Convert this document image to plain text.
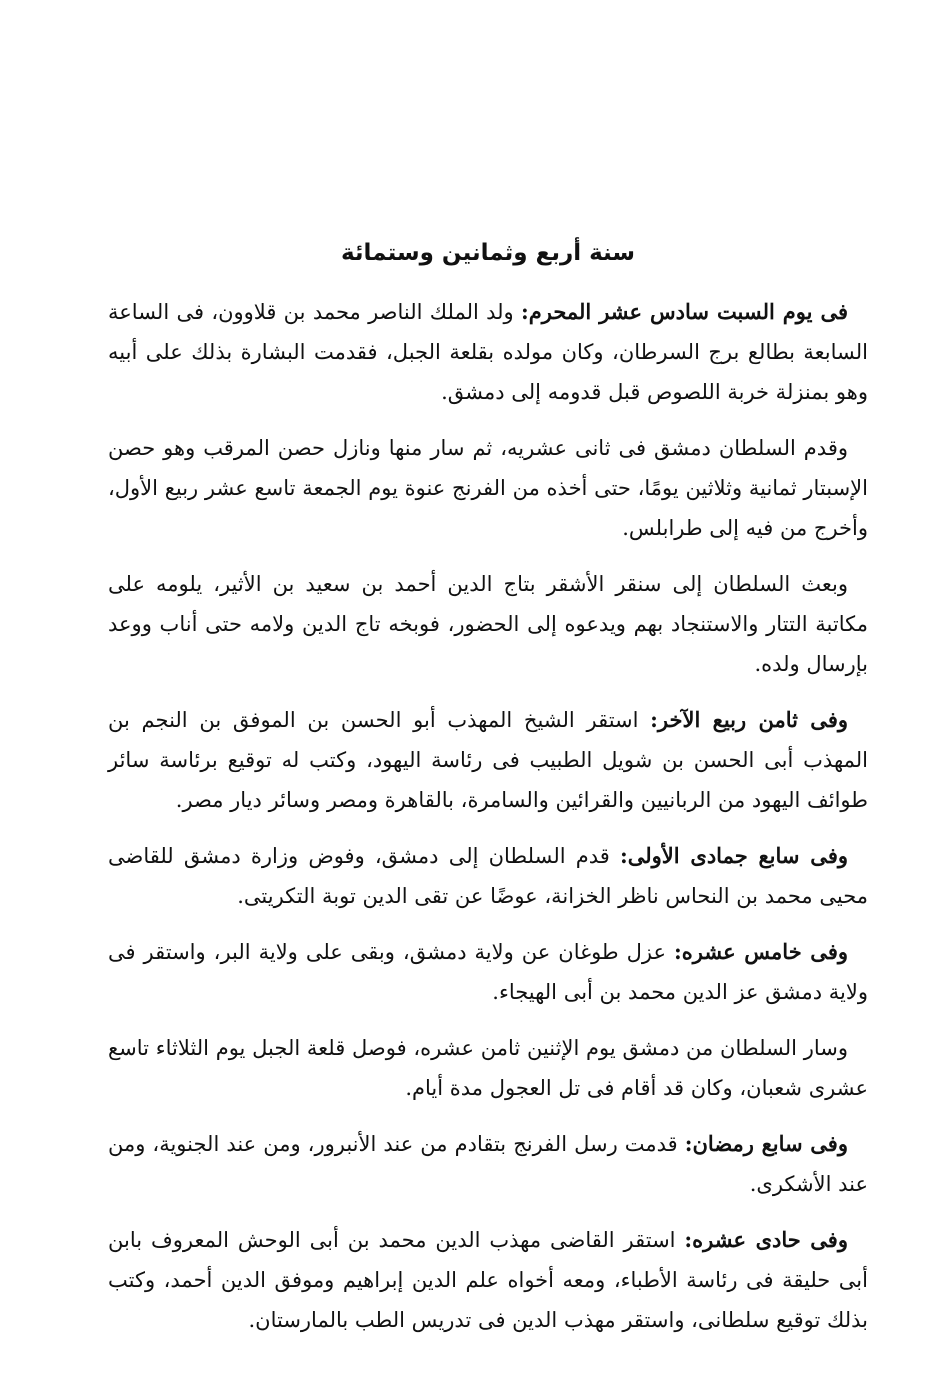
سنة أربع وثمانين وستمائة

فى يوم السبت سادس عشر المحرم: ولد الملك الناصر محمد بن قلاوون، فى الساعة السابعة بطالع برج السرطان، وكان مولده بقلعة الجبل، فقدمت البشارة بذلك على أبيه وهو بمنزلة خربة اللصوص قبل قدومه إلى دمشق.

وقدم السلطان دمشق فى ثانى عشريه، ثم سار منها ونازل حصن المرقب وهو حصن الإسبتار ثمانية وثلاثين يومًا، حتى أخذه من الفرنج عنوة يوم الجمعة تاسع عشر ربيع الأول، وأخرج من فيه إلى طرابلس.

وبعث السلطان إلى سنقر الأشقر بتاج الدين أحمد بن سعيد بن الأثير، يلومه على مكاتبة التتار والاستنجاد بهم ويدعوه إلى الحضور، فوبخه تاج الدين ولامه حتى أناب ووعد بإرسال ولده.

وفى ثامن ربيع الآخر: استقر الشيخ المهذب أبو الحسن بن الموفق بن النجم بن المهذب أبى الحسن بن شويل الطبيب فى رئاسة اليهود، وكتب له توقيع برئاسة سائر طوائف اليهود من الربانيين والقرائين والسامرة، بالقاهرة ومصر وسائر ديار مصر.

وفى سابع جمادى الأولى: قدم السلطان إلى دمشق، وفوض وزارة دمشق للقاضى محيى محمد بن النحاس ناظر الخزانة، عوضًا عن تقى الدين توبة التكريتى.

وفى خامس عشره: عزل طوغان عن ولاية دمشق، وبقى على ولاية البر، واستقر فى ولاية دمشق عز الدين محمد بن أبى الهيجاء.

وسار السلطان من دمشق يوم الإثنين ثامن عشره، فوصل قلعة الجبل يوم الثلاثاء تاسع عشرى شعبان، وكان قد أقام فى تل العجول مدة أيام.

وفى سابع رمضان: قدمت رسل الفرنج بتقادم من عند الأنبرور، ومن عند الجنوية، ومن عند الأشكرى.

وفى حادى عشره: استقر القاضى مهذب الدين محمد بن أبى الوحش المعروف بابن أبى حليقة فى رئاسة الأطباء، ومعه أخواه علم الدين إبراهيم وموفق الدين أحمد، وكتب بذلك توقيع سلطانى، واستقر مهذب الدين فى تدريس الطب بالمارستان.
